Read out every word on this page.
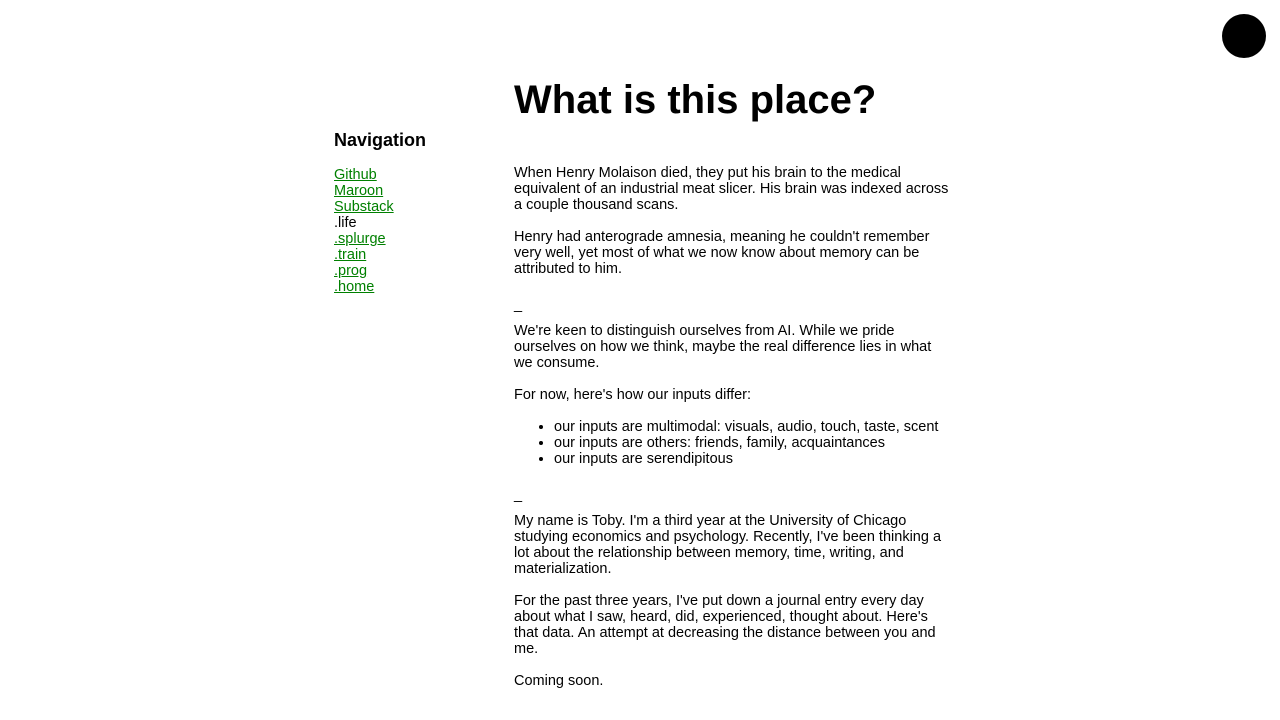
Navigation
Github
Maroon
Substack
.life
.splurge
.train
.prog
.home
What is this place?

When Henry Molaison died, they put his brain to the medical equivalent of an industrial meat slicer. His brain was indexed across a couple thousand scans.

Henry had anterograde amnesia, meaning he couldn't remember very well, yet most of what we now know about memory can be attributed to him.

_

We're keen to distinguish ourselves from AI. While we pride ourselves on how we think, maybe the real difference lies in what we consume.

For now, here's how our inputs differ:

• our inputs are multimodal: visuals, audio, touch, taste, scent
• our inputs are others: friends, family, acquaintances
• our inputs are serendipitous
_

My name is Toby. I'm a third year at the University of Chicago studying economics and psychology. Recently, I've been thinking a lot about the relationship between memory, time, writing, and materialization.

For the past three years, I've put down a journal entry every day about what I saw, heard, did, experienced, thought about. Here's that data. An attempt at decreasing the distance between you and me.

Coming soon.
